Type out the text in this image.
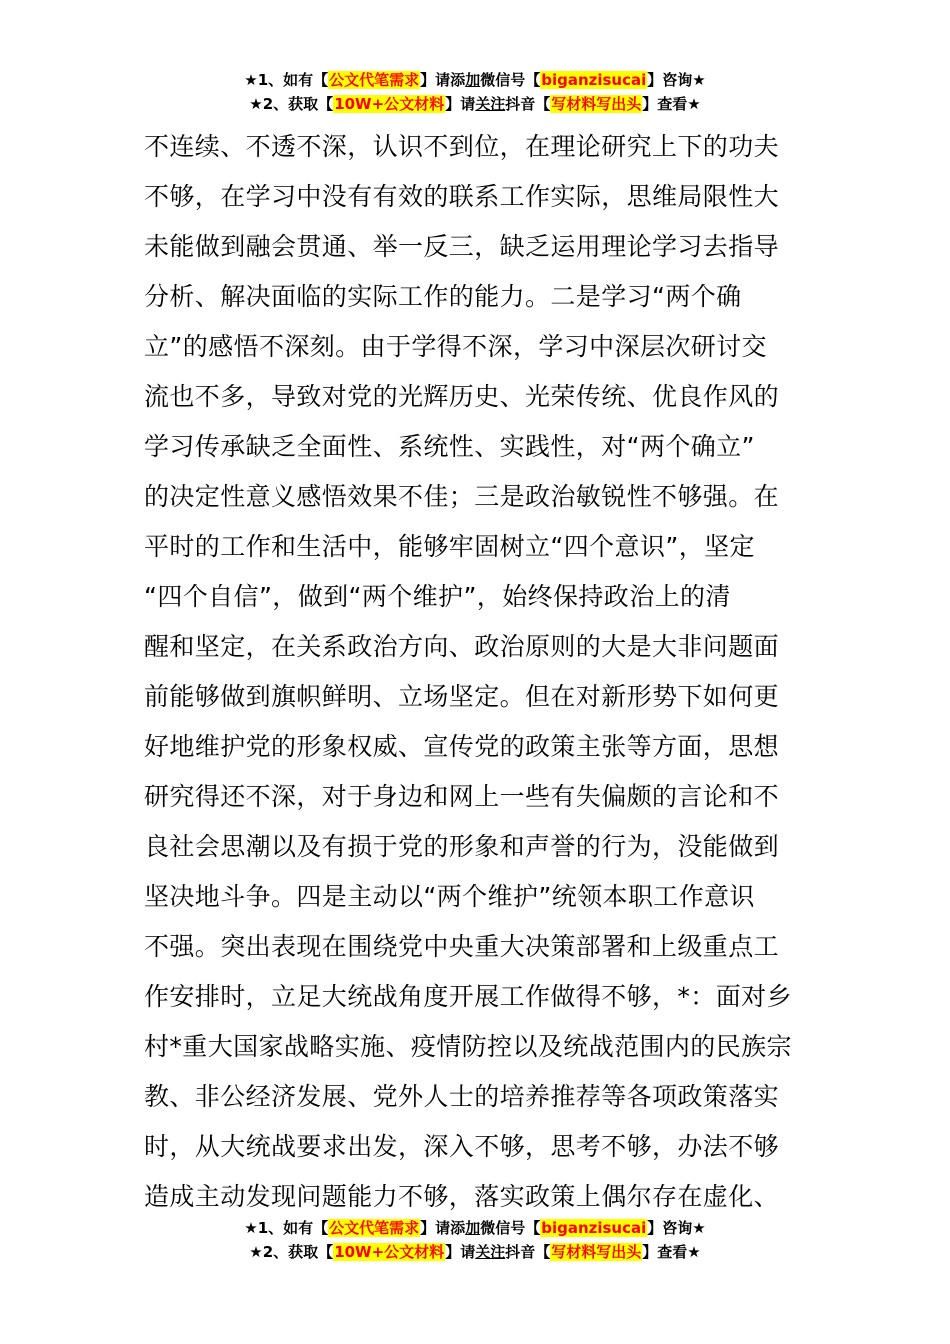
★1、如有【公文代笔需求】请添加微信号【biganzisucai】咨询★
★2、获取【10W+公文材料】请关注抖音【写材料写出头】查看★
不连续、不透不深，认识不到位，在理论研究上下的功夫
不够，在学习中没有有效的联系工作实际，思维局限性大
未能做到融会贯通、举一反三，缺乏运用理论学习去指导
分析、解决面临的实际工作的能力。二是学习“两个确
立”的感悟不深刻。由于学得不深，学习中深层次研讨交
流也不多，导致对党的光辉历史、光荣传统、优良作风的
学习传承缺乏全面性、系统性、实践性，对“两个确立”
的决定性意义感悟效果不佳；三是政治敏锐性不够强。在
平时的工作和生活中，能够牢固树立“四个意识”，坚定
“四个自信”，做到“两个维护”，始终保持政治上的清
醒和坚定，在关系政治方向、政治原则的大是大非问题面
前能够做到旗帜鲜明、立场坚定。但在对新形势下如何更
好地维护党的形象权威、宣传党的政策主张等方面，思想
研究得还不深，对于身边和网上一些有失偏颇的言论和不
良社会思潮以及有损于党的形象和声誉的行为，没能做到
坚决地斗争。四是主动以“两个维护”统领本职工作意识
不强。突出表现在围绕党中央重大决策部署和上级重点工
作安排时，立足大统战角度开展工作做得不够，*：面对乡
村*重大国家战略实施、疫情防控以及统战范围内的民族宗
教、非公经济发展、党外人士的培养推荐等各项政策落实
时，从大统战要求出发，深入不够，思考不够，办法不够
造成主动发现问题能力不够，落实政策上偶尔存在虚化、
★1、如有【公文代笔需求】请添加微信号【biganzisucai】咨询★
★2、获取【10W+公文材料】请关注抖音【写材料写出头】查看★
